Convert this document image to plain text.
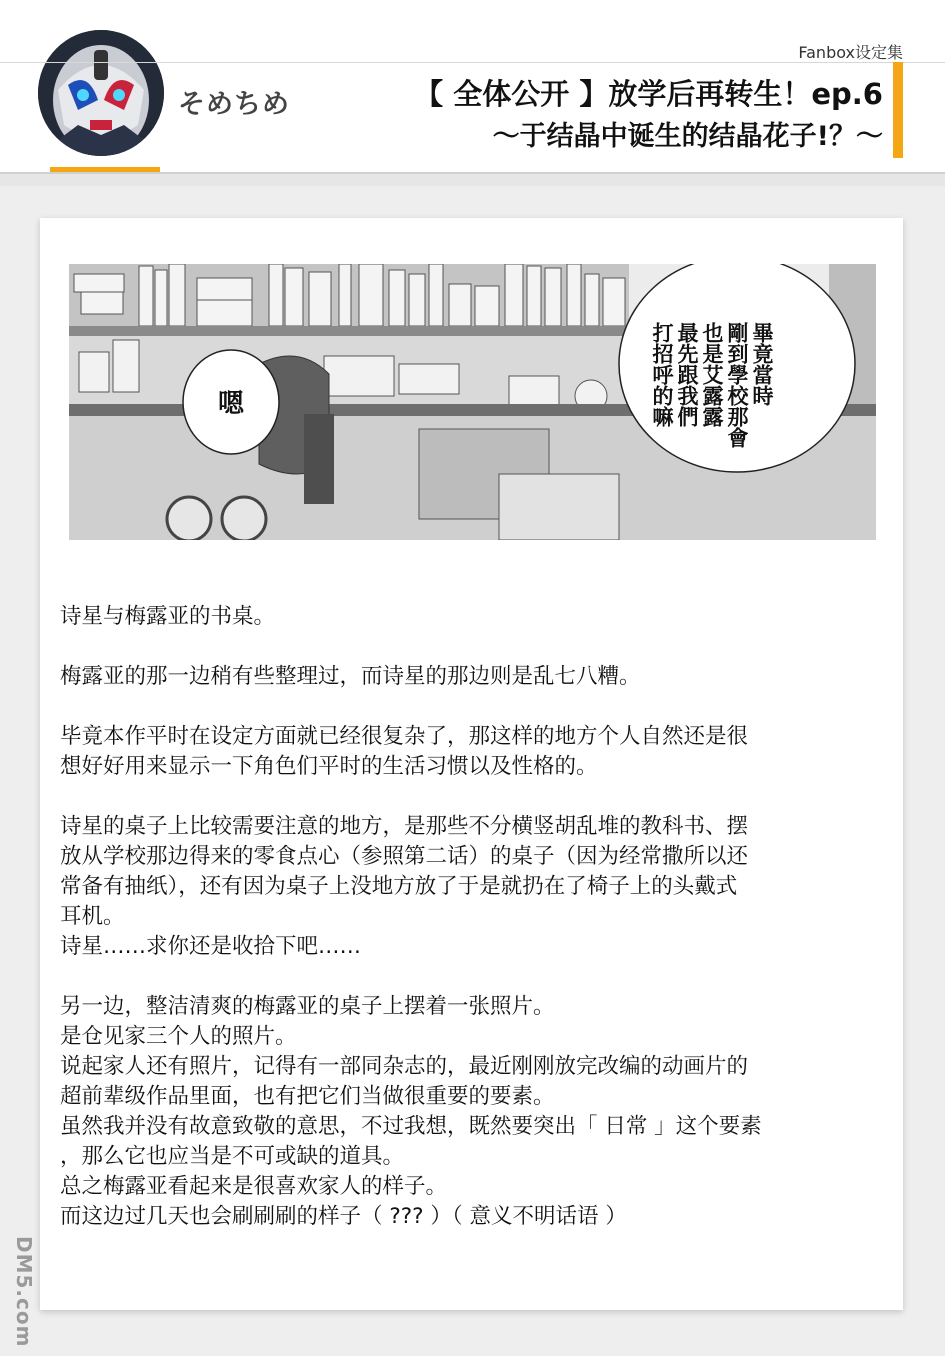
そめちめ
Fanbox设定集
【 全体公开 】放学后再转生！ep.6
～于结晶中诞生的结晶花子!？～
嗯	畢竟當時
剛到學校那會
也是艾露露
最先跟我們
打招呼的嘛

诗星与梅露亚的书桌。

梅露亚的那一边稍有些整理过，而诗星的那边则是乱七八糟。

毕竟本作平时在设定方面就已经很复杂了，那这样的地方个人自然还是很

想好好用来显示一下角色们平时的生活习惯以及性格的。

诗星的桌子上比较需要注意的地方，是那些不分横竖胡乱堆的教科书、摆

放从学校那边得来的零食点心（参照第二话）的桌子（因为经常撒所以还

常备有抽纸），还有因为桌子上没地方放了于是就扔在了椅子上的头戴式

耳机。

诗星……求你还是收拾下吧……

另一边，整洁清爽的梅露亚的桌子上摆着一张照片。

是仓见家三个人的照片。

说起家人还有照片，记得有一部同杂志的，最近刚刚放完改编的动画片的

超前辈级作品里面，也有把它们当做很重要的要素。

虽然我并没有故意致敬的意思，不过我想，既然要突出「 日常 」这个要素

，那么它也应当是不可或缺的道具。

总之梅露亚看起来是很喜欢家人的样子。

而这边过几天也会刷刷刷的样子（ ??? ）（ 意义不明话语 ）

DM5.com
